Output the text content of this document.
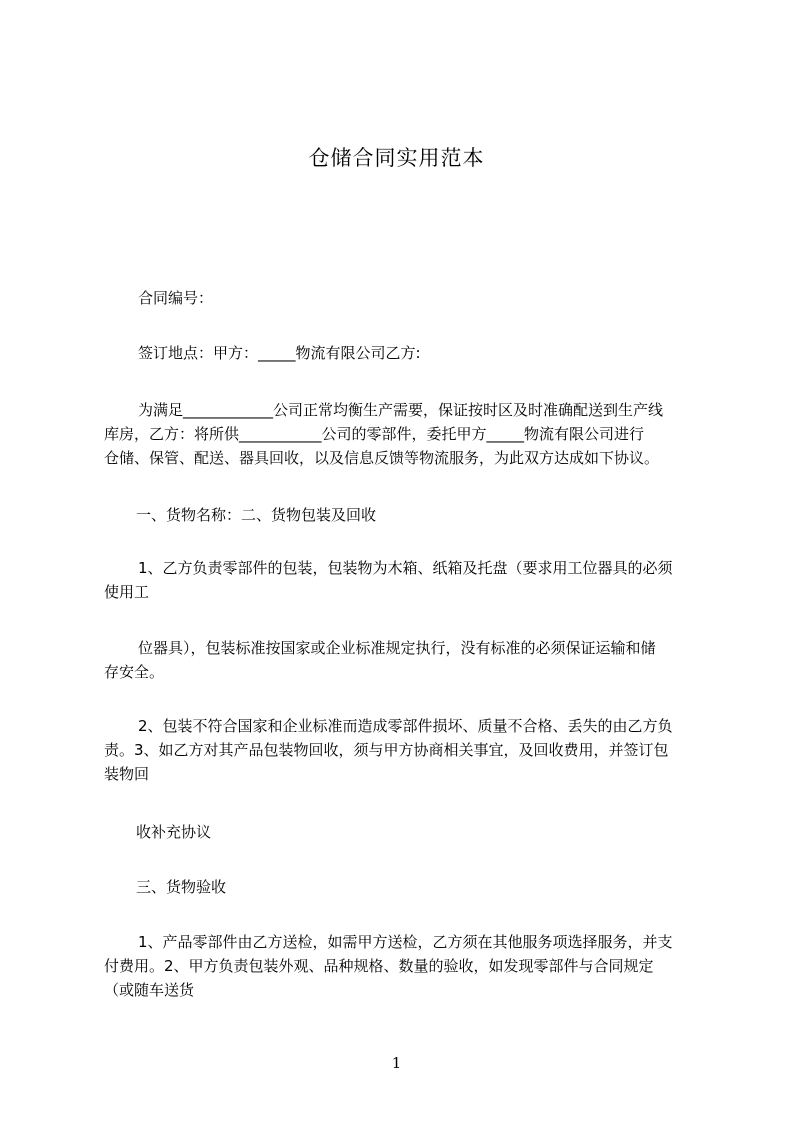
仓储合同实用范本

合同编号：

签订地点：甲方：_____物流有限公司乙方:

为满足____________公司正常均衡生产需要，保证按时区及时准确配送到生产线
库房，乙方：将所供___________公司的零部件，委托甲方_____物流有限公司进行
仓储、保管、配送、器具回收，以及信息反馈等物流服务，为此双方达成如下协议。

一、货物名称：二、货物包装及回收

1、乙方负责零部件的包装，包装物为木箱、纸箱及托盘（要求用工位器具的必须
使用工

位器具），包装标准按国家或企业标准规定执行，没有标准的必须保证运输和储
存安全。

2、包装不符合国家和企业标准而造成零部件损坏、质量不合格、丢失的由乙方负
责。3、如乙方对其产品包装物回收，须与甲方协商相关事宜，及回收费用，并签订包
装物回

收补充协议

三、货物验收

1、产品零部件由乙方送检，如需甲方送检，乙方须在其他服务项选择服务，并支
付费用。2、甲方负责包装外观、品种规格、数量的验收，如发现零部件与合同规定
（或随车送货

1
